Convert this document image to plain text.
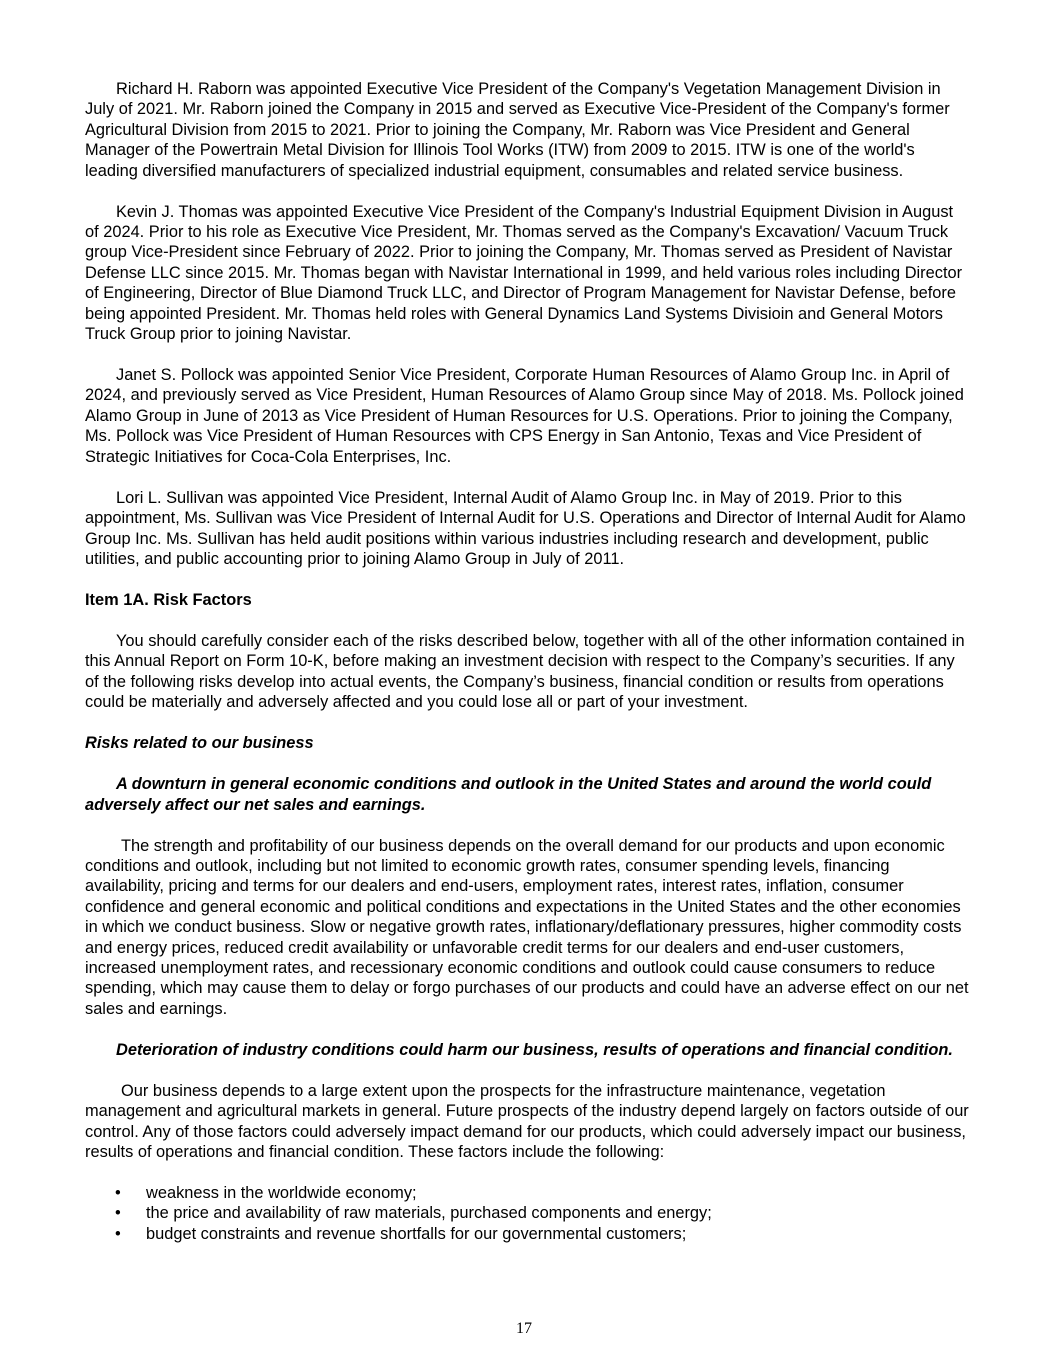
Richard H. Raborn was appointed Executive Vice President of the Company's Vegetation Management Division in July of 2021. Mr. Raborn joined the Company in 2015 and served as Executive Vice-President of the Company's former Agricultural Division from 2015 to 2021. Prior to joining the Company, Mr. Raborn was Vice President and General Manager of the Powertrain Metal Division for Illinois Tool Works (ITW) from 2009 to 2015. ITW is one of the world's leading diversified manufacturers of specialized industrial equipment, consumables and related service business.

Kevin J. Thomas was appointed Executive Vice President of the Company's Industrial Equipment Division in August of 2024. Prior to his role as Executive Vice President, Mr. Thomas served as the Company's Excavation/ Vacuum Truck group Vice-President since February of 2022. Prior to joining the Company, Mr. Thomas served as President of Navistar Defense LLC since 2015. Mr. Thomas began with Navistar International in 1999, and held various roles including Director of Engineering, Director of Blue Diamond Truck LLC, and Director of Program Management for Navistar Defense, before being appointed President. Mr. Thomas held roles with General Dynamics Land Systems Divisioin and General Motors Truck Group prior to joining Navistar.

Janet S. Pollock was appointed Senior Vice President, Corporate Human Resources of Alamo Group Inc. in April of 2024, and previously served as Vice President, Human Resources of Alamo Group since May of 2018. Ms. Pollock joined Alamo Group in June of 2013 as Vice President of Human Resources for U.S. Operations. Prior to joining the Company, Ms. Pollock was Vice President of Human Resources with CPS Energy in San Antonio, Texas and Vice President of Strategic Initiatives for Coca-Cola Enterprises, Inc.

Lori L. Sullivan was appointed Vice President, Internal Audit of Alamo Group Inc. in May of 2019. Prior to this appointment, Ms. Sullivan was Vice President of Internal Audit for U.S. Operations and Director of Internal Audit for Alamo Group Inc. Ms. Sullivan has held audit positions within various industries including research and development, public utilities, and public accounting prior to joining Alamo Group in July of 2011.

Item 1A. Risk Factors

You should carefully consider each of the risks described below, together with all of the other information contained in this Annual Report on Form 10-K, before making an investment decision with respect to the Company’s securities. If any of the following risks develop into actual events, the Company’s business, financial condition or results from operations could be materially and adversely affected and you could lose all or part of your investment.

Risks related to our business

A downturn in general economic conditions and outlook in the United States and around the world could adversely affect our net sales and earnings.

The strength and profitability of our business depends on the overall demand for our products and upon economic conditions and outlook, including but not limited to economic growth rates, consumer spending levels, financing availability, pricing and terms for our dealers and end-users, employment rates, interest rates, inflation, consumer confidence and general economic and political conditions and expectations in the United States and the other economies in which we conduct business. Slow or negative growth rates, inflationary/deflationary pressures, higher commodity costs and energy prices, reduced credit availability or unfavorable credit terms for our dealers and end-user customers, increased unemployment rates, and recessionary economic conditions and outlook could cause consumers to reduce spending, which may cause them to delay or forgo purchases of our products and could have an adverse effect on our net sales and earnings.

Deterioration of industry conditions could harm our business, results of operations and financial condition.

Our business depends to a large extent upon the prospects for the infrastructure maintenance, vegetation management and agricultural markets in general. Future prospects of the industry depend largely on factors outside of our control. Any of those factors could adversely impact demand for our products, which could adversely impact our business, results of operations and financial condition. These factors include the following:

• weakness in the worldwide economy;
• the price and availability of raw materials, purchased components and energy;
• budget constraints and revenue shortfalls for our governmental customers;
17
